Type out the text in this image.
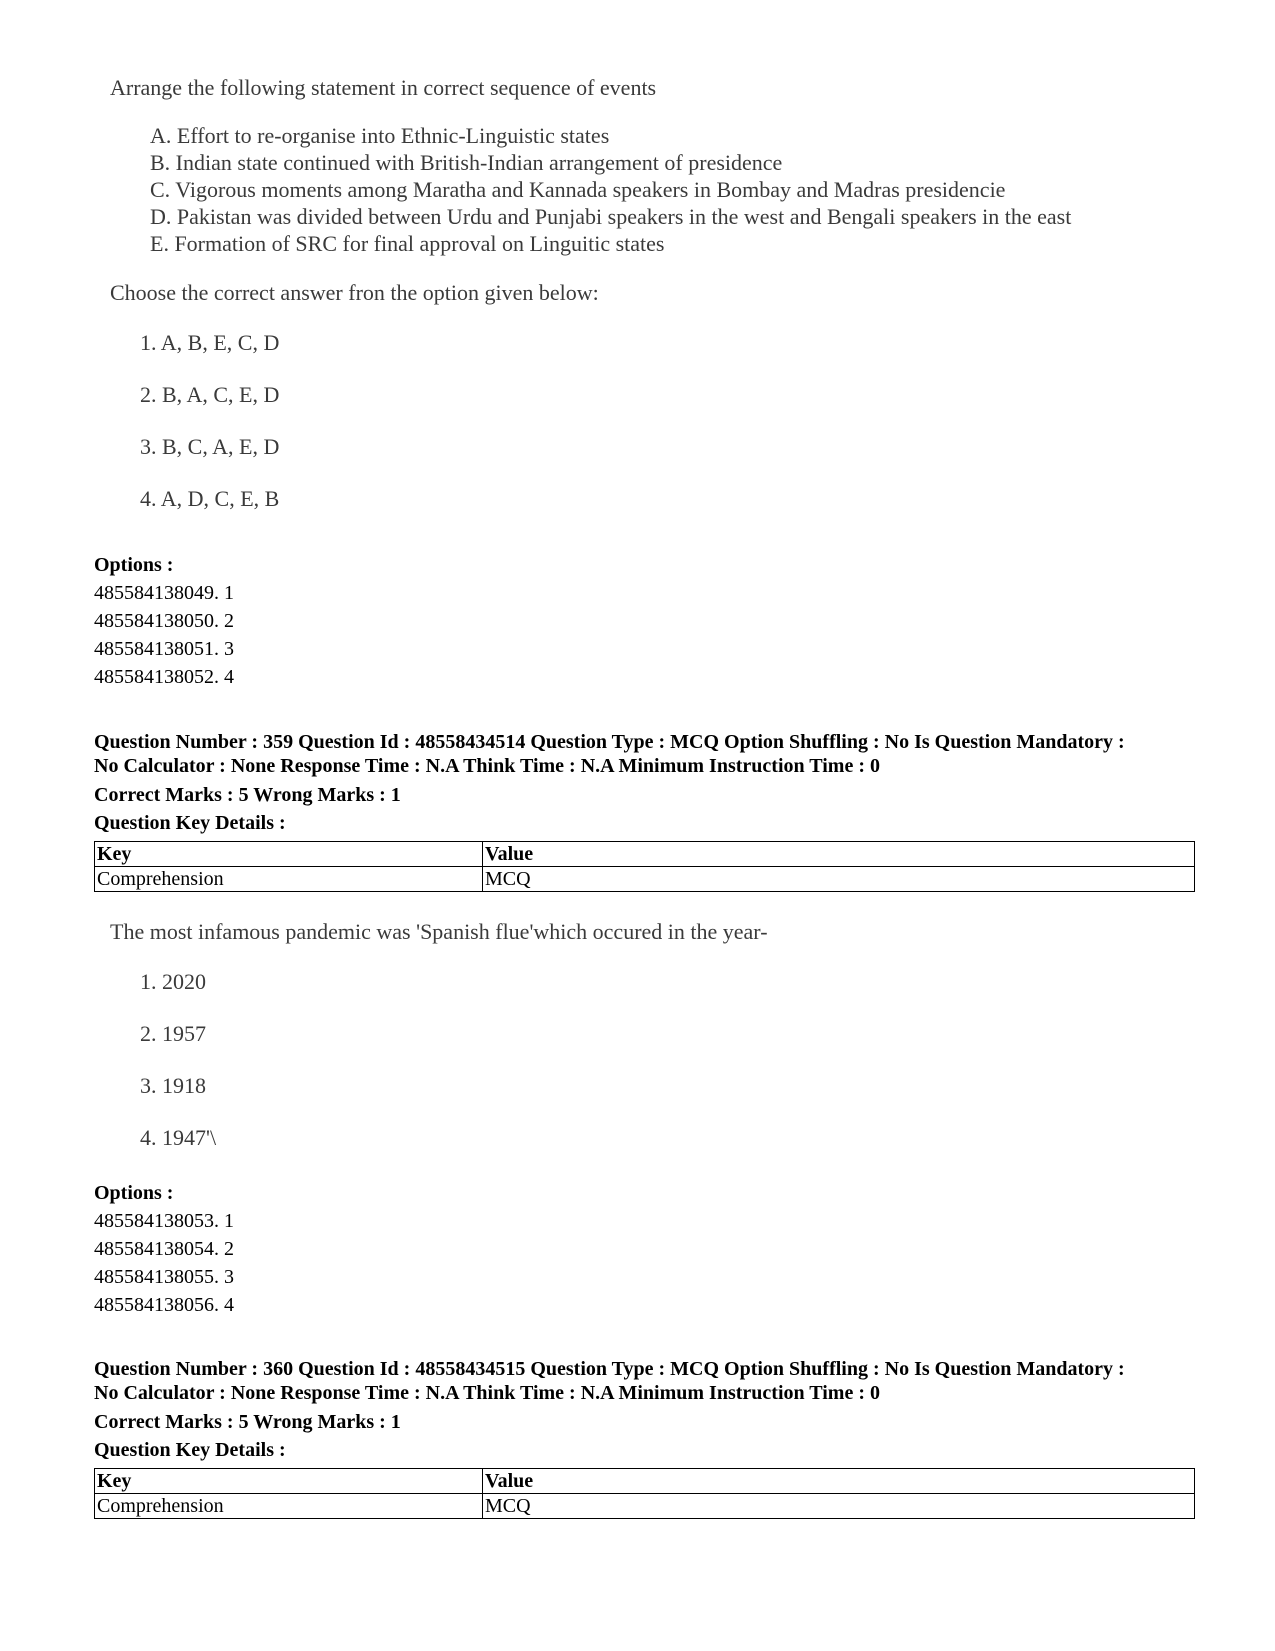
Arrange the following statement in correct sequence of events

A. Effort to re-organise into Ethnic-Linguistic states
B. Indian state continued with British-Indian arrangement of presidence
C. Vigorous moments among Maratha and Kannada speakers in Bombay and Madras presidencie
D. Pakistan was divided between Urdu and Punjabi speakers in the west and Bengali speakers in the east
E. Formation of SRC for final approval on Linguitic states

Choose the correct answer fron the option given below:

1. A, B, E, C, D
2. B, A, C, E, D
3. B, C, A, E, D
4. A, D, C, E, B

Options :

485584138049. 1

485584138050. 2

485584138051. 3

485584138052. 4

Question Number : 359 Question Id : 48558434514 Question Type : MCQ Option Shuffling : No Is Question Mandatory :
No Calculator : None Response Time : N.A Think Time : N.A Minimum Instruction Time : 0

Correct Marks : 5 Wrong Marks : 1

Question Key Details :

Key	Value
Comprehension	MCQ

The most infamous pandemic was 'Spanish flue'which occured in the year-

1. 2020
2. 1957
3. 1918
4. 1947'\

Options :

485584138053. 1

485584138054. 2

485584138055. 3

485584138056. 4

Question Number : 360 Question Id : 48558434515 Question Type : MCQ Option Shuffling : No Is Question Mandatory :
No Calculator : None Response Time : N.A Think Time : N.A Minimum Instruction Time : 0

Correct Marks : 5 Wrong Marks : 1

Question Key Details :

Key	Value
Comprehension	MCQ
